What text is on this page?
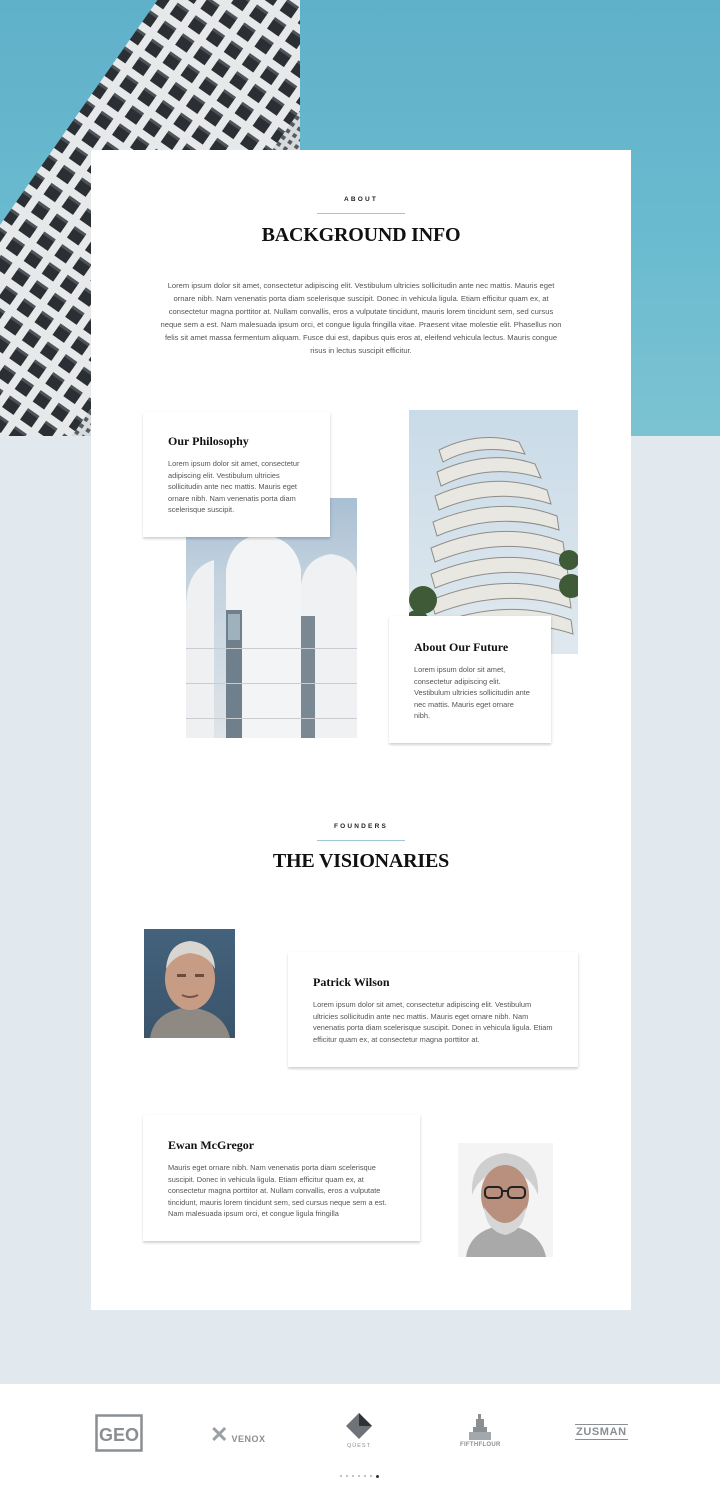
ABOUT
BACKGROUND INFO
Lorem ipsum dolor sit amet, consectetur adipiscing elit. Vestibulum ultricies sollicitudin ante nec mattis. Mauris eget ornare nibh. Nam venenatis porta diam scelerisque suscipit. Donec in vehicula ligula. Etiam efficitur quam ex, at consectetur magna porttitor at. Nullam convallis, eros a vulputate tincidunt, mauris lorem tincidunt sem, sed cursus neque sem a est. Nam malesuada ipsum orci, et congue ligula fringilla vitae. Praesent vitae molestie elit. Phasellus non felis sit amet massa fermentum aliquam. Fusce dui est, dapibus quis eros at, eleifend vehicula lectus. Mauris congue risus in lectus suscipit efficitur.
Our Philosophy

Lorem ipsum dolor sit amet, consectetur adipiscing elit. Vestibulum ultricies sollicitudin ante nec mattis. Mauris eget ornare nibh. Nam venenatis porta diam scelerisque suscipit.

About Our Future

Lorem ipsum dolor sit amet, consectetur adipiscing elit. Vestibulum ultricies sollicitudin ante nec mattis. Mauris eget ornare nibh.

FOUNDERS
THE VISIONARIES
Patrick Wilson

Lorem ipsum dolor sit amet, consectetur adipiscing elit. Vestibulum ultricies sollicitudin ante nec mattis. Mauris eget ornare nibh. Nam venenatis porta diam scelerisque suscipit. Donec in vehicula ligula. Etiam efficitur quam ex, at consectetur magna porttitor at.

Ewan McGregor

Mauris eget ornare nibh. Nam venenatis porta diam scelerisque suscipit. Donec in vehicula ligula. Etiam efficitur quam ex, at consectetur magna porttitor at. Nullam convallis, eros a vulputate tincidunt, mauris lorem tincidunt sem, sed cursus neque sem a est. Nam malesuada ipsum orci, et congue ligula fringilla

GEO	✕ VENOX
QÜEST	FIFTHFLOUR
ZUSMAN
